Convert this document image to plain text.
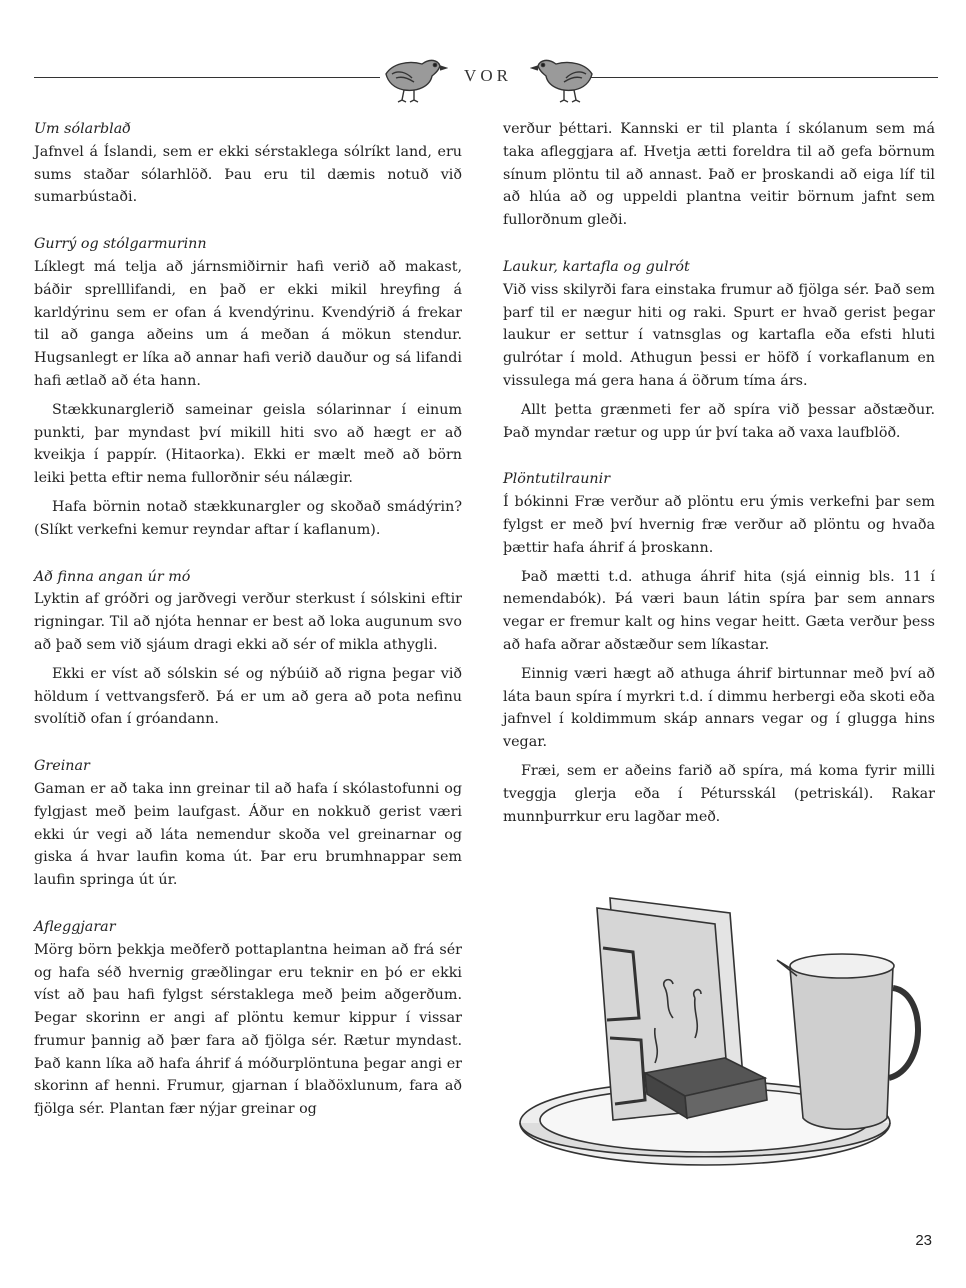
VOR

Um sólarblað

Jafnvel á Íslandi, sem er ekki sérstaklega sólríkt land, eru sums staðar sólarhlöð. Þau eru til dæmis notuð við sumarbústaði.

Gurrý og stólgarmurinn

Líklegt má telja að járnsmiðirnir hafi verið að makast, báðir sprelllifandi, en það er ekki mikil hreyfing á karldýrinu sem er ofan á kvendýrinu. Kvendýrið á frekar til að ganga aðeins um á meðan á mökun stendur. Hugsanlegt er líka að annar hafi verið dauður og sá lifandi hafi ætlað að éta hann.

Stækkunarglerið sameinar geisla sólarinnar í einum punkti, þar myndast því mikill hiti svo að hægt er að kveikja í pappír. (Hitaorka). Ekki er mælt með að börn leiki þetta eftir nema fullorðnir séu nálægir.

Hafa börnin notað stækkunargler og skoðað smádýrin? (Slíkt verkefni kemur reyndar aftar í kaflanum).

Að finna angan úr mó

Lyktin af gróðri og jarðvegi verður sterkust í sólskini eftir rigningar. Til að njóta hennar er best að loka augunum svo að það sem við sjáum dragi ekki að sér of mikla athygli.

Ekki er víst að sólskin sé og nýbúið að rigna þegar við höldum í vettvangsferð. Þá er um að gera að pota nefinu svolítið ofan í gróandann.

Greinar

Gaman er að taka inn greinar til að hafa í skólastofunni og fylgjast með þeim laufgast. Áður en nokkuð gerist væri ekki úr vegi að láta nemendur skoða vel greinarnar og giska á hvar laufin koma út. Þar eru brumhnappar sem laufin springa út úr.

Afleggjarar

Mörg börn þekkja meðferð pottaplantna heiman að frá sér og hafa séð hvernig græðlingar eru teknir en þó er ekki víst að þau hafi fylgst sérstaklega með þeim aðgerðum. Þegar skorinn er angi af plöntu kemur kippur í vissar frumur þannig að þær fara að fjölga sér. Rætur myndast. Það kann líka að hafa áhrif á móðurplöntuna þegar angi er skorinn af henni. Frumur, gjarnan í blaðöxlunum, fara að fjölga sér. Plantan fær nýjar greinar og

verður þéttari. Kannski er til planta í skólanum sem má taka afleggjara af. Hvetja ætti foreldra til að gefa börnum sínum plöntu til að annast. Það er þroskandi að eiga líf til að hlúa að og uppeldi plantna veitir börnum jafnt sem fullorðnum gleði.

Laukur, kartafla og gulrót

Við viss skilyrði fara einstaka frumur að fjölga sér. Það sem þarf til er nægur hiti og raki. Spurt er hvað gerist þegar laukur er settur í vatnsglas og kartafla eða efsti hluti gulrótar í mold. Athugun þessi er höfð í vorkaflanum en vissulega má gera hana á öðrum tíma árs.

Allt þetta grænmeti fer að spíra við þessar aðstæður. Það myndar rætur og upp úr því taka að vaxa laufblöð.

Plöntutilraunir

Í bókinni Fræ verður að plöntu eru ýmis verkefni þar sem fylgst er með því hvernig fræ verður að plöntu og hvaða þættir hafa áhrif á þroskann.

Það mætti t.d. athuga áhrif hita (sjá einnig bls. 11 í nemendabók). Þá væri baun látin spíra þar sem annars vegar er fremur kalt og hins vegar heitt. Gæta verður þess að hafa aðrar aðstæður sem líkastar.

Einnig væri hægt að athuga áhrif birtunnar með því að láta baun spíra í myrkri t.d. í dimmu herbergi eða skoti eða jafnvel í koldimmum skáp annars vegar og í glugga hins vegar.

Fræi, sem er aðeins farið að spíra, má koma fyrir milli tveggja glerja eða í Pétursskál (petriskál). Rakar munnþurrkur eru lagðar með.

23
